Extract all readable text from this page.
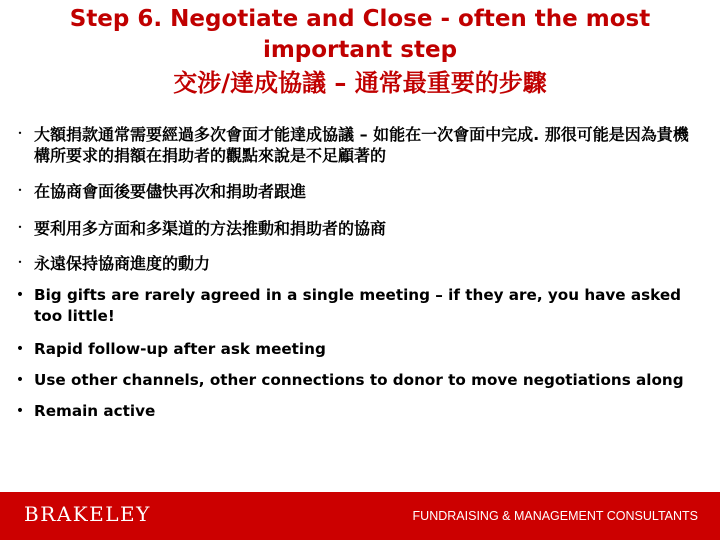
Step 6. Negotiate and Close - often the most
important step
交涉/達成協議 – 通常最重要的步驟
• 大額捐款通常需要經過多次會面才能達成協議 – 如能在一次會面中完成. 那很可能是因為貴機構所要求的捐額在捐助者的觀點來說是不足顧著的
• 在協商會面後要儘快再次和捐助者跟進
• 要利用多方面和多渠道的方法推動和捐助者的協商
• 永遠保持協商進度的動力
• Big gifts are rarely agreed in a single meeting – if they are, you have asked
too little!
• Rapid follow-up after ask meeting
• Use other channels, other connections to donor to move negotiations along
• Remain active
BRAKELEY	FUNDRAISING & MANAGEMENT CONSULTANTS
